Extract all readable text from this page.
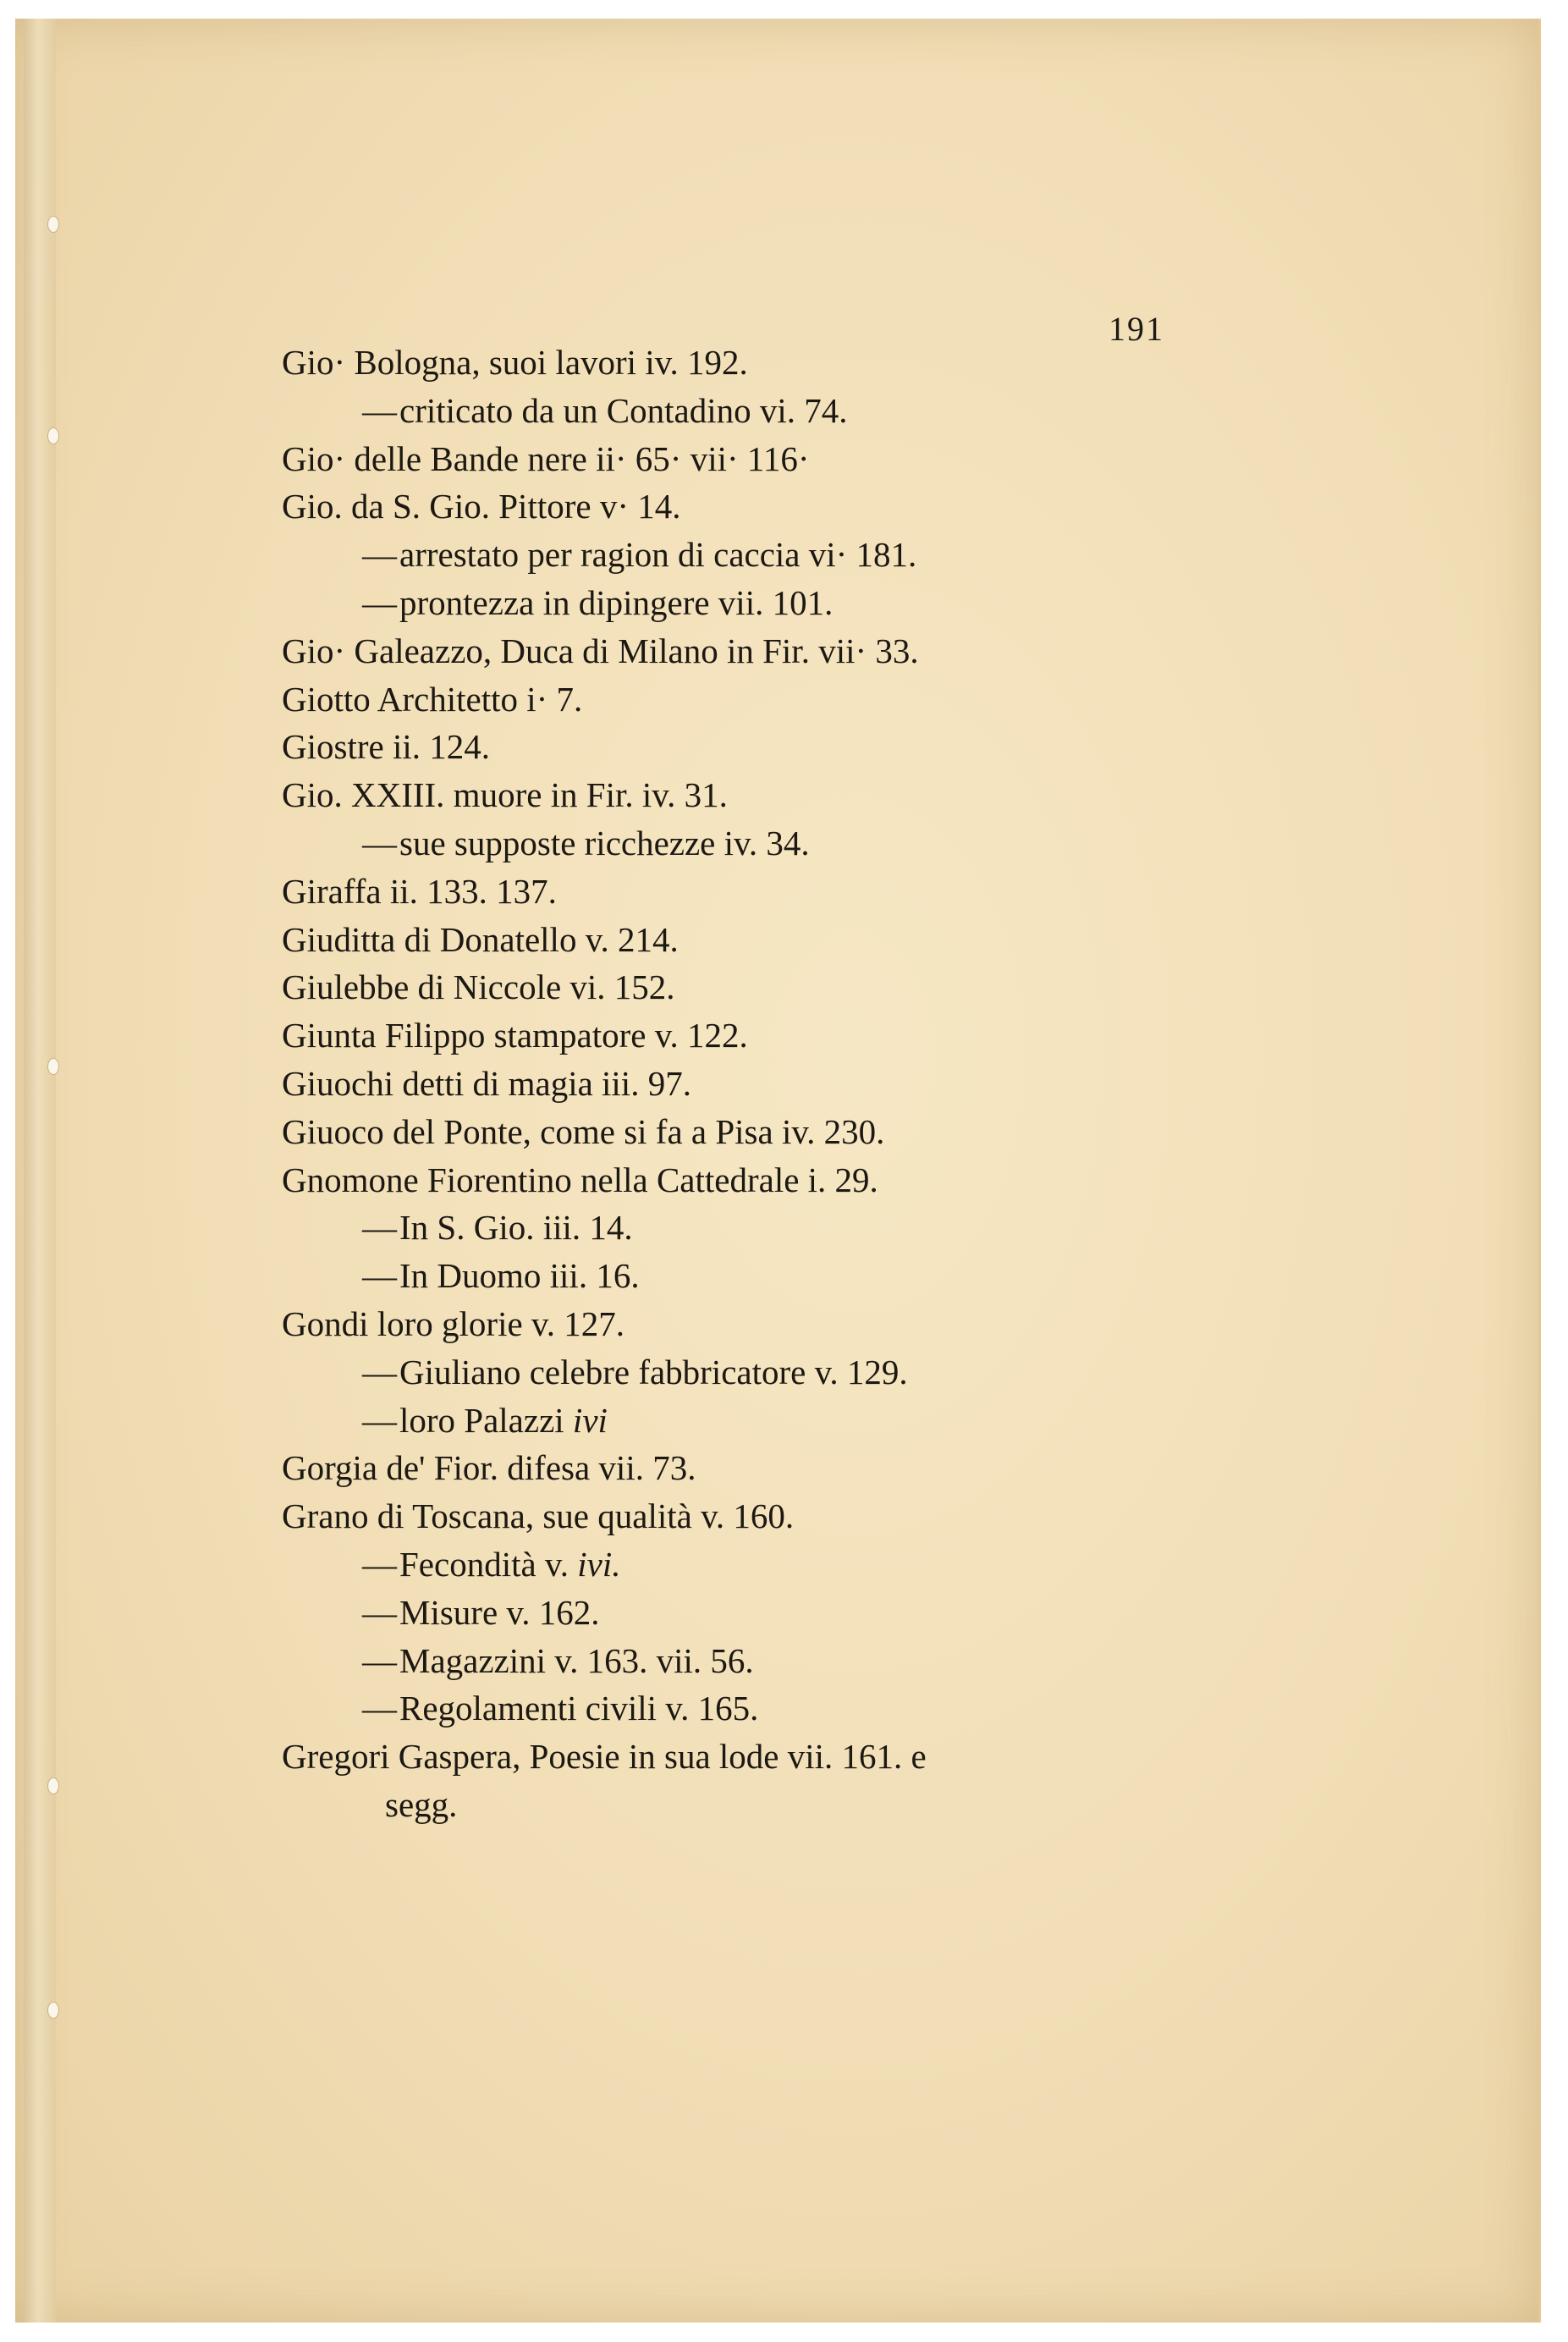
191
Gio· Bologna, suoi lavori iv. 192.
—criticato da un Contadino vi. 74.
Gio· delle Bande nere ii· 65· vii· 116·
Gio. da S. Gio. Pittore v· 14.
—arrestato per ragion di caccia vi· 181.
—prontezza in dipingere vii. 101.
Gio· Galeazzo, Duca di Milano in Fir. vii· 33.
Giotto Architetto i· 7.
Giostre ii. 124.
Gio. XXIII. muore in Fir. iv. 31.
—sue supposte ricchezze iv. 34.
Giraffa ii. 133. 137.
Giuditta di Donatello v. 214.
Giulebbe di Niccole vi. 152.
Giunta Filippo stampatore v. 122.
Giuochi detti di magia iii. 97.
Giuoco del Ponte, come si fa a Pisa iv. 230.
Gnomone Fiorentino nella Cattedrale i. 29.
—In S. Gio. iii. 14.
—In Duomo iii. 16.
Gondi loro glorie v. 127.
—Giuliano celebre fabbricatore v. 129.
—loro Palazzi ivi
Gorgia de' Fior. difesa vii. 73.
Grano di Toscana, sue qualità v. 160.
—Fecondità v. ivi.
—Misure v. 162.
—Magazzini v. 163. vii. 56.
—Regolamenti civili v. 165.
Gregori Gaspera, Poesie in sua lode vii. 161. e
segg.
